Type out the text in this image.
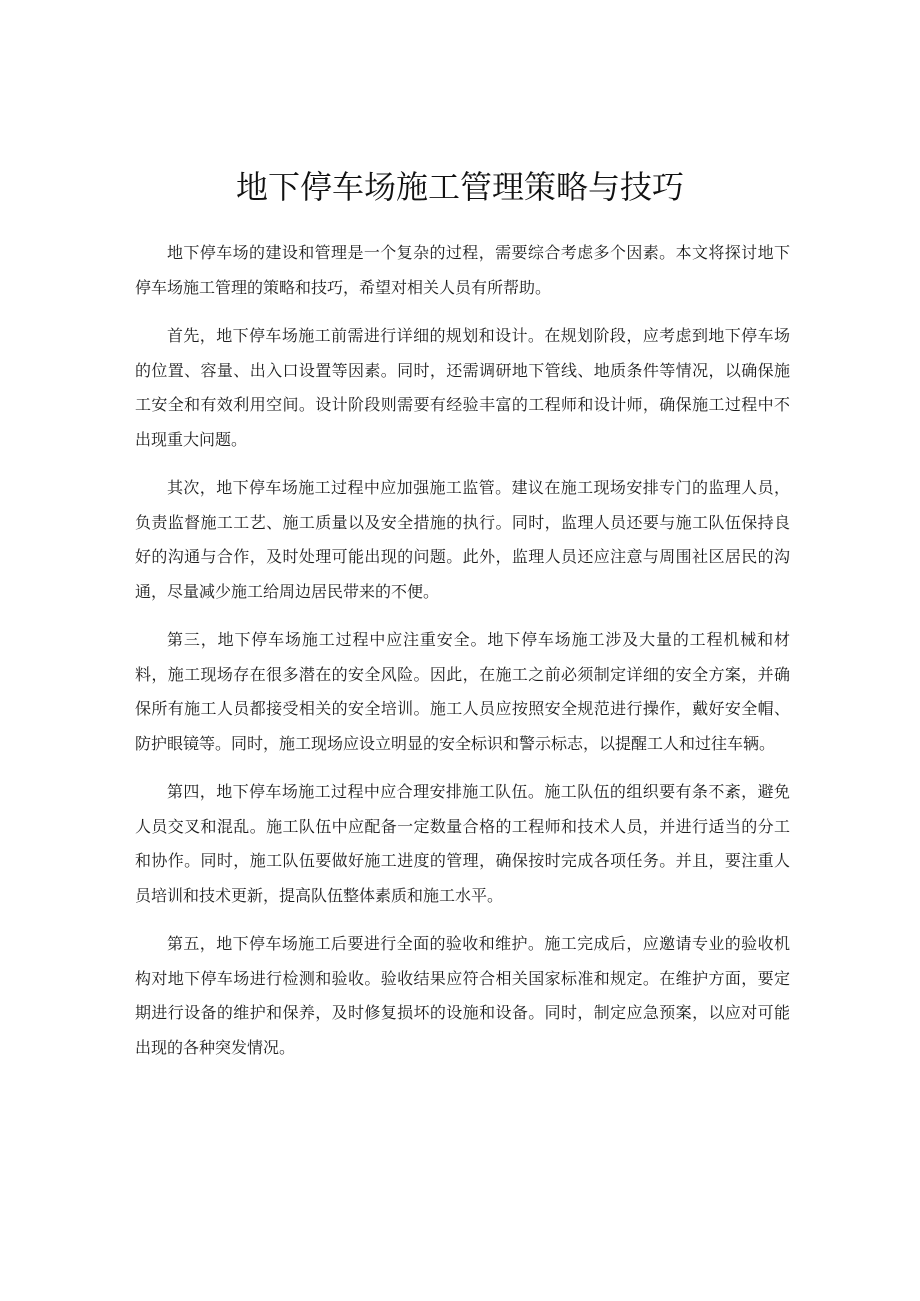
地下停车场施工管理策略与技巧

地下停车场的建设和管理是一个复杂的过程，需要综合考虑多个因素。本文将探讨地下停车场施工管理的策略和技巧，希望对相关人员有所帮助。

首先，地下停车场施工前需进行详细的规划和设计。在规划阶段，应考虑到地下停车场的位置、容量、出入口设置等因素。同时，还需调研地下管线、地质条件等情况，以确保施工安全和有效利用空间。设计阶段则需要有经验丰富的工程师和设计师，确保施工过程中不出现重大问题。

其次，地下停车场施工过程中应加强施工监管。建议在施工现场安排专门的监理人员，负责监督施工工艺、施工质量以及安全措施的执行。同时，监理人员还要与施工队伍保持良好的沟通与合作，及时处理可能出现的问题。此外，监理人员还应注意与周围社区居民的沟通，尽量减少施工给周边居民带来的不便。

第三，地下停车场施工过程中应注重安全。地下停车场施工涉及大量的工程机械和材料，施工现场存在很多潜在的安全风险。因此，在施工之前必须制定详细的安全方案，并确保所有施工人员都接受相关的安全培训。施工人员应按照安全规范进行操作，戴好安全帽、防护眼镜等。同时，施工现场应设立明显的安全标识和警示标志，以提醒工人和过往车辆。

第四，地下停车场施工过程中应合理安排施工队伍。施工队伍的组织要有条不紊，避免人员交叉和混乱。施工队伍中应配备一定数量合格的工程师和技术人员，并进行适当的分工和协作。同时，施工队伍要做好施工进度的管理，确保按时完成各项任务。并且，要注重人员培训和技术更新，提高队伍整体素质和施工水平。

第五，地下停车场施工后要进行全面的验收和维护。施工完成后，应邀请专业的验收机构对地下停车场进行检测和验收。验收结果应符合相关国家标准和规定。在维护方面，要定期进行设备的维护和保养，及时修复损坏的设施和设备。同时，制定应急预案，以应对可能出现的各种突发情况。
